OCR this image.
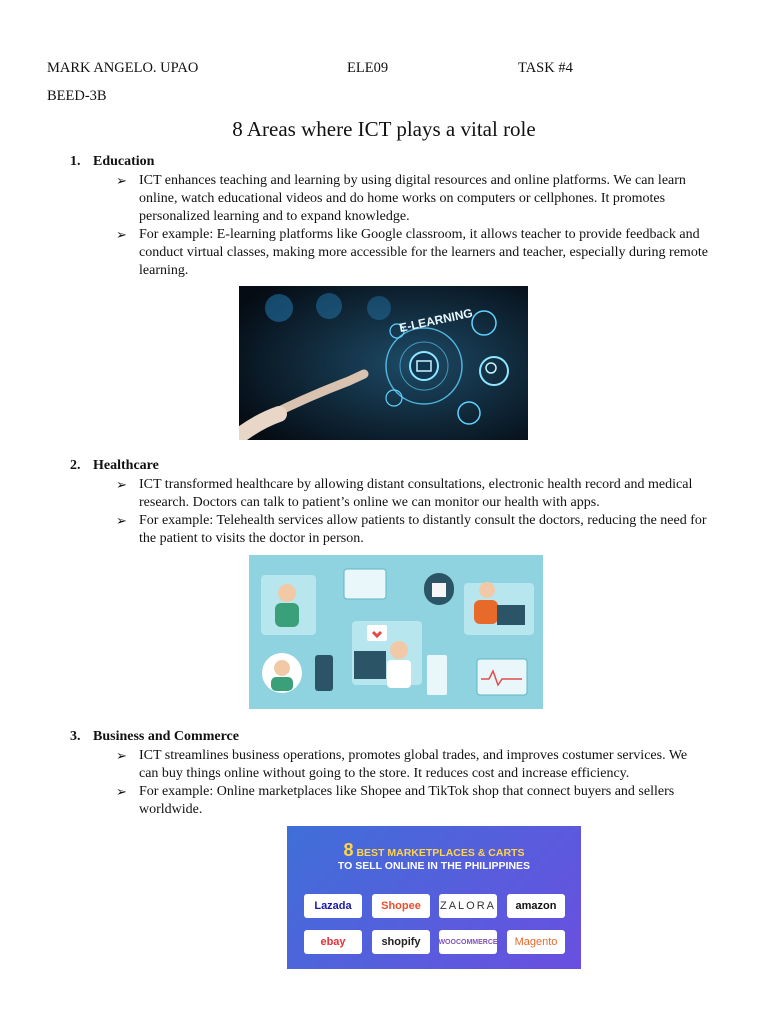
MARK ANGELO. UPAO	ELE09	TASK #4
BEED-3B
8 Areas where ICT plays a vital role
1. Education
➢ ICT enhances teaching and learning by using digital resources and online platforms. We can learn online, watch educational videos and do home works on computers or cellphones. It promotes personalized learning and to expand knowledge.
➢ For example: E-learning platforms like Google classroom, it allows teacher to provide feedback and conduct virtual classes, making more accessible for the learners and teacher, especially during remote learning.
E-LEARNING
2. Healthcare
➢ ICT transformed healthcare by allowing distant consultations, electronic health record and medical research. Doctors can talk to patient’s online we can monitor our health with apps.
➢ For example: Telehealth services allow patients to distantly consult the doctors, reducing the need for the patient to visits the doctor in person.
3. Business and Commerce
➢ ICT streamlines business operations, promotes global trades, and improves costumer services. We can buy things online without going to the store. It reduces cost and increase efficiency.
➢ For example: Online marketplaces like Shopee and TikTok shop that connect buyers and sellers worldwide.
8 BEST MARKETPLACES & CARTS
TO SELL ONLINE IN THE PHILIPPINES
Lazada	Shopee	ZALORA	amazon
ebay	shopify	WOOCOMMERCE	Magento
